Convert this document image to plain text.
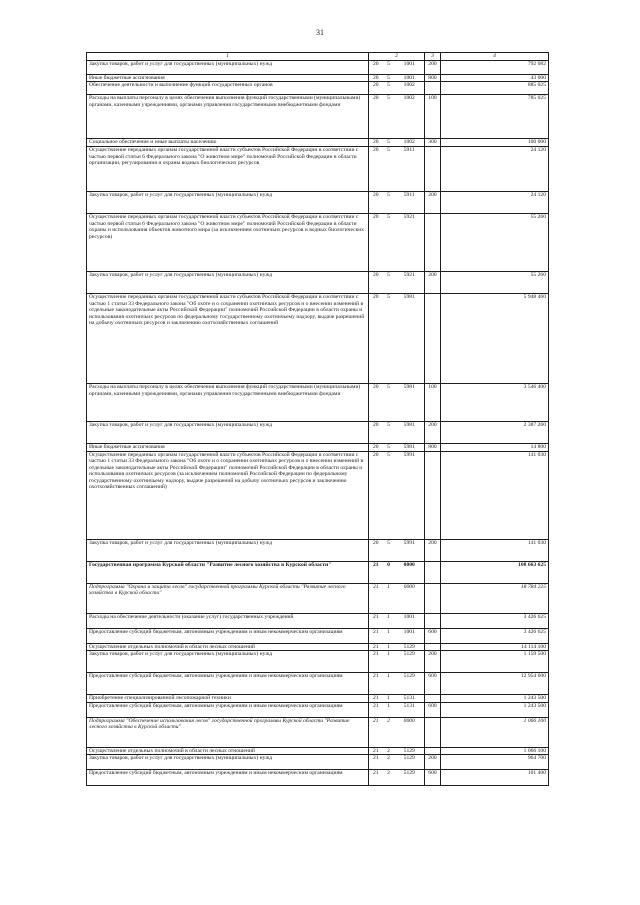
31
1	2			3	4
Закупка товаров, работ и услуг для государственных (муниципальных) нужд	20	5	1001	200	792 082
Иные бюджетные ассигнования	20	5	1001	800	43 000
Обеспечение деятельности и выполнение функций государственных органов	20	5	1002		885 025
Расходы на выплаты персоналу в целях обеспечения выполнения функций государственными (муниципальными) органами, казенными учреждениями, органами управления государственными внебюджетными фондами	20	5	1002	100	785 025
Социальное обеспечение и иные выплаты населению	20	5	1002	300	100 000
Осуществление переданных органам государственной власти субъектов Российской Федерации в соответствии с частью первой статьи 6 Федерального закона "О животном мире" полномочий Российской Федерации в области организации, регулирования и охраны водных биологических ресурсов	20	5	5911		24 120
Закупка товаров, работ и услуг для государственных (муниципальных) нужд	20	5	5911	200	24 120
Осуществление переданных органам государственной власти субъектов Российской Федерации в соответствии с частью первой статьи 6 Федерального закона "О животном мире" полномочий Российской Федерации в области охраны и использования объектов животного мира (за исключением охотничьих ресурсов и водных биологических ресурсов)	20	5	5921		55 260
Закупка товаров, работ и услуг для государственных (муниципальных) нужд	20	5	5921	200	55 260
Осуществление переданных органам государственной власти субъектов Российской Федерации в соответствии с частью 1 статьи 33 Федерального закона "Об охоте и о сохранении охотничьих ресурсов и о внесении изменений в отдельные законодательные акты Российской Федерации" полномочий Российской Федерации в области охраны и использования охотничьих ресурсов по федеральному государственному охотничьему надзору, выдаче разрешений на добычу охотничьих ресурсов и заключению охотхозяйственных соглашений	20	5	5981		5 948 460
Расходы на выплаты персоналу в целях обеспечения выполнения функций государственными (муниципальными) органами, казенными учреждениями, органами управления государственными внебюджетными фондами	20	5	5981	100	3 546 400
Закупка товаров, работ и услуг для государственных (муниципальных) нужд	20	5	5981	200	2 387 260
Иные бюджетные ассигнования	20	5	5981	800	14 800
Осуществление переданных органам государственной власти субъектов Российской Федерации в соответствии с частью 1 статьи 33 Федерального закона "Об охоте и о сохранении охотничьих ресурсов и о внесении изменений в отдельные законодательные акты Российской Федерации" полномочий Российской Федерации в области охраны и использования охотничьих ресурсов (за исключением полномочий Российской Федерации по федеральному государственному охотничьему надзору, выдаче разрешений на добычу охотничьих ресурсов и заключению охотхозяйственных соглашений)	20	5	5991		141 030
Закупка товаров, работ и услуг для государственных (муниципальных) нужд	20	5	5991	200	141 030
Государственная программа Курской области "Развитие лесного хозяйства в Курской области"	21	0	0000		108 663 625
Подпрограмма "Охрана и защита лесов" государственной программы Курской области "Развитие лесного хозяйства в Курской области"	21	1	0000		18 784 225
Расходы на обеспечение деятельности (оказание услуг) государственных учреждений	21	1	1001		3 426 625
Предоставление субсидий бюджетным, автономным учреждениям и иным некоммерческим организациям	21	1	1001	600	3 426 625
Осуществление отдельных полномочий в области лесных отношений	21	1	5129		14 114 100
Закупка товаров, работ и услуг для государственных (муниципальных) нужд	21	1	5129	200	1 159 500
Предоставление субсидий бюджетным, автономным учреждениям и иным некоммерческим организациям	21	1	5129	600	12 954 600
Приобретение специализированной лесопожарной техники	21	1	5131		1 243 500
Предоставление субсидий бюджетным, автономным учреждениям и иным некоммерческим организациям	21	1	5131	600	1 243 500
Подпрограмма "Обеспечение использования лесов" государственной программы Курской области "Развитие лесного хозяйства в Курской области"	21	2	0000		1 066 100
Осуществление отдельных полномочий в области лесных отношений	21	2	5129		1 066 100
Закупка товаров, работ и услуг для государственных (муниципальных) нужд	21	2	5129	200	964 700
Предоставление субсидий бюджетным, автономным учреждениям и иным некоммерческим организациям	21	2	5129	600	101 400
